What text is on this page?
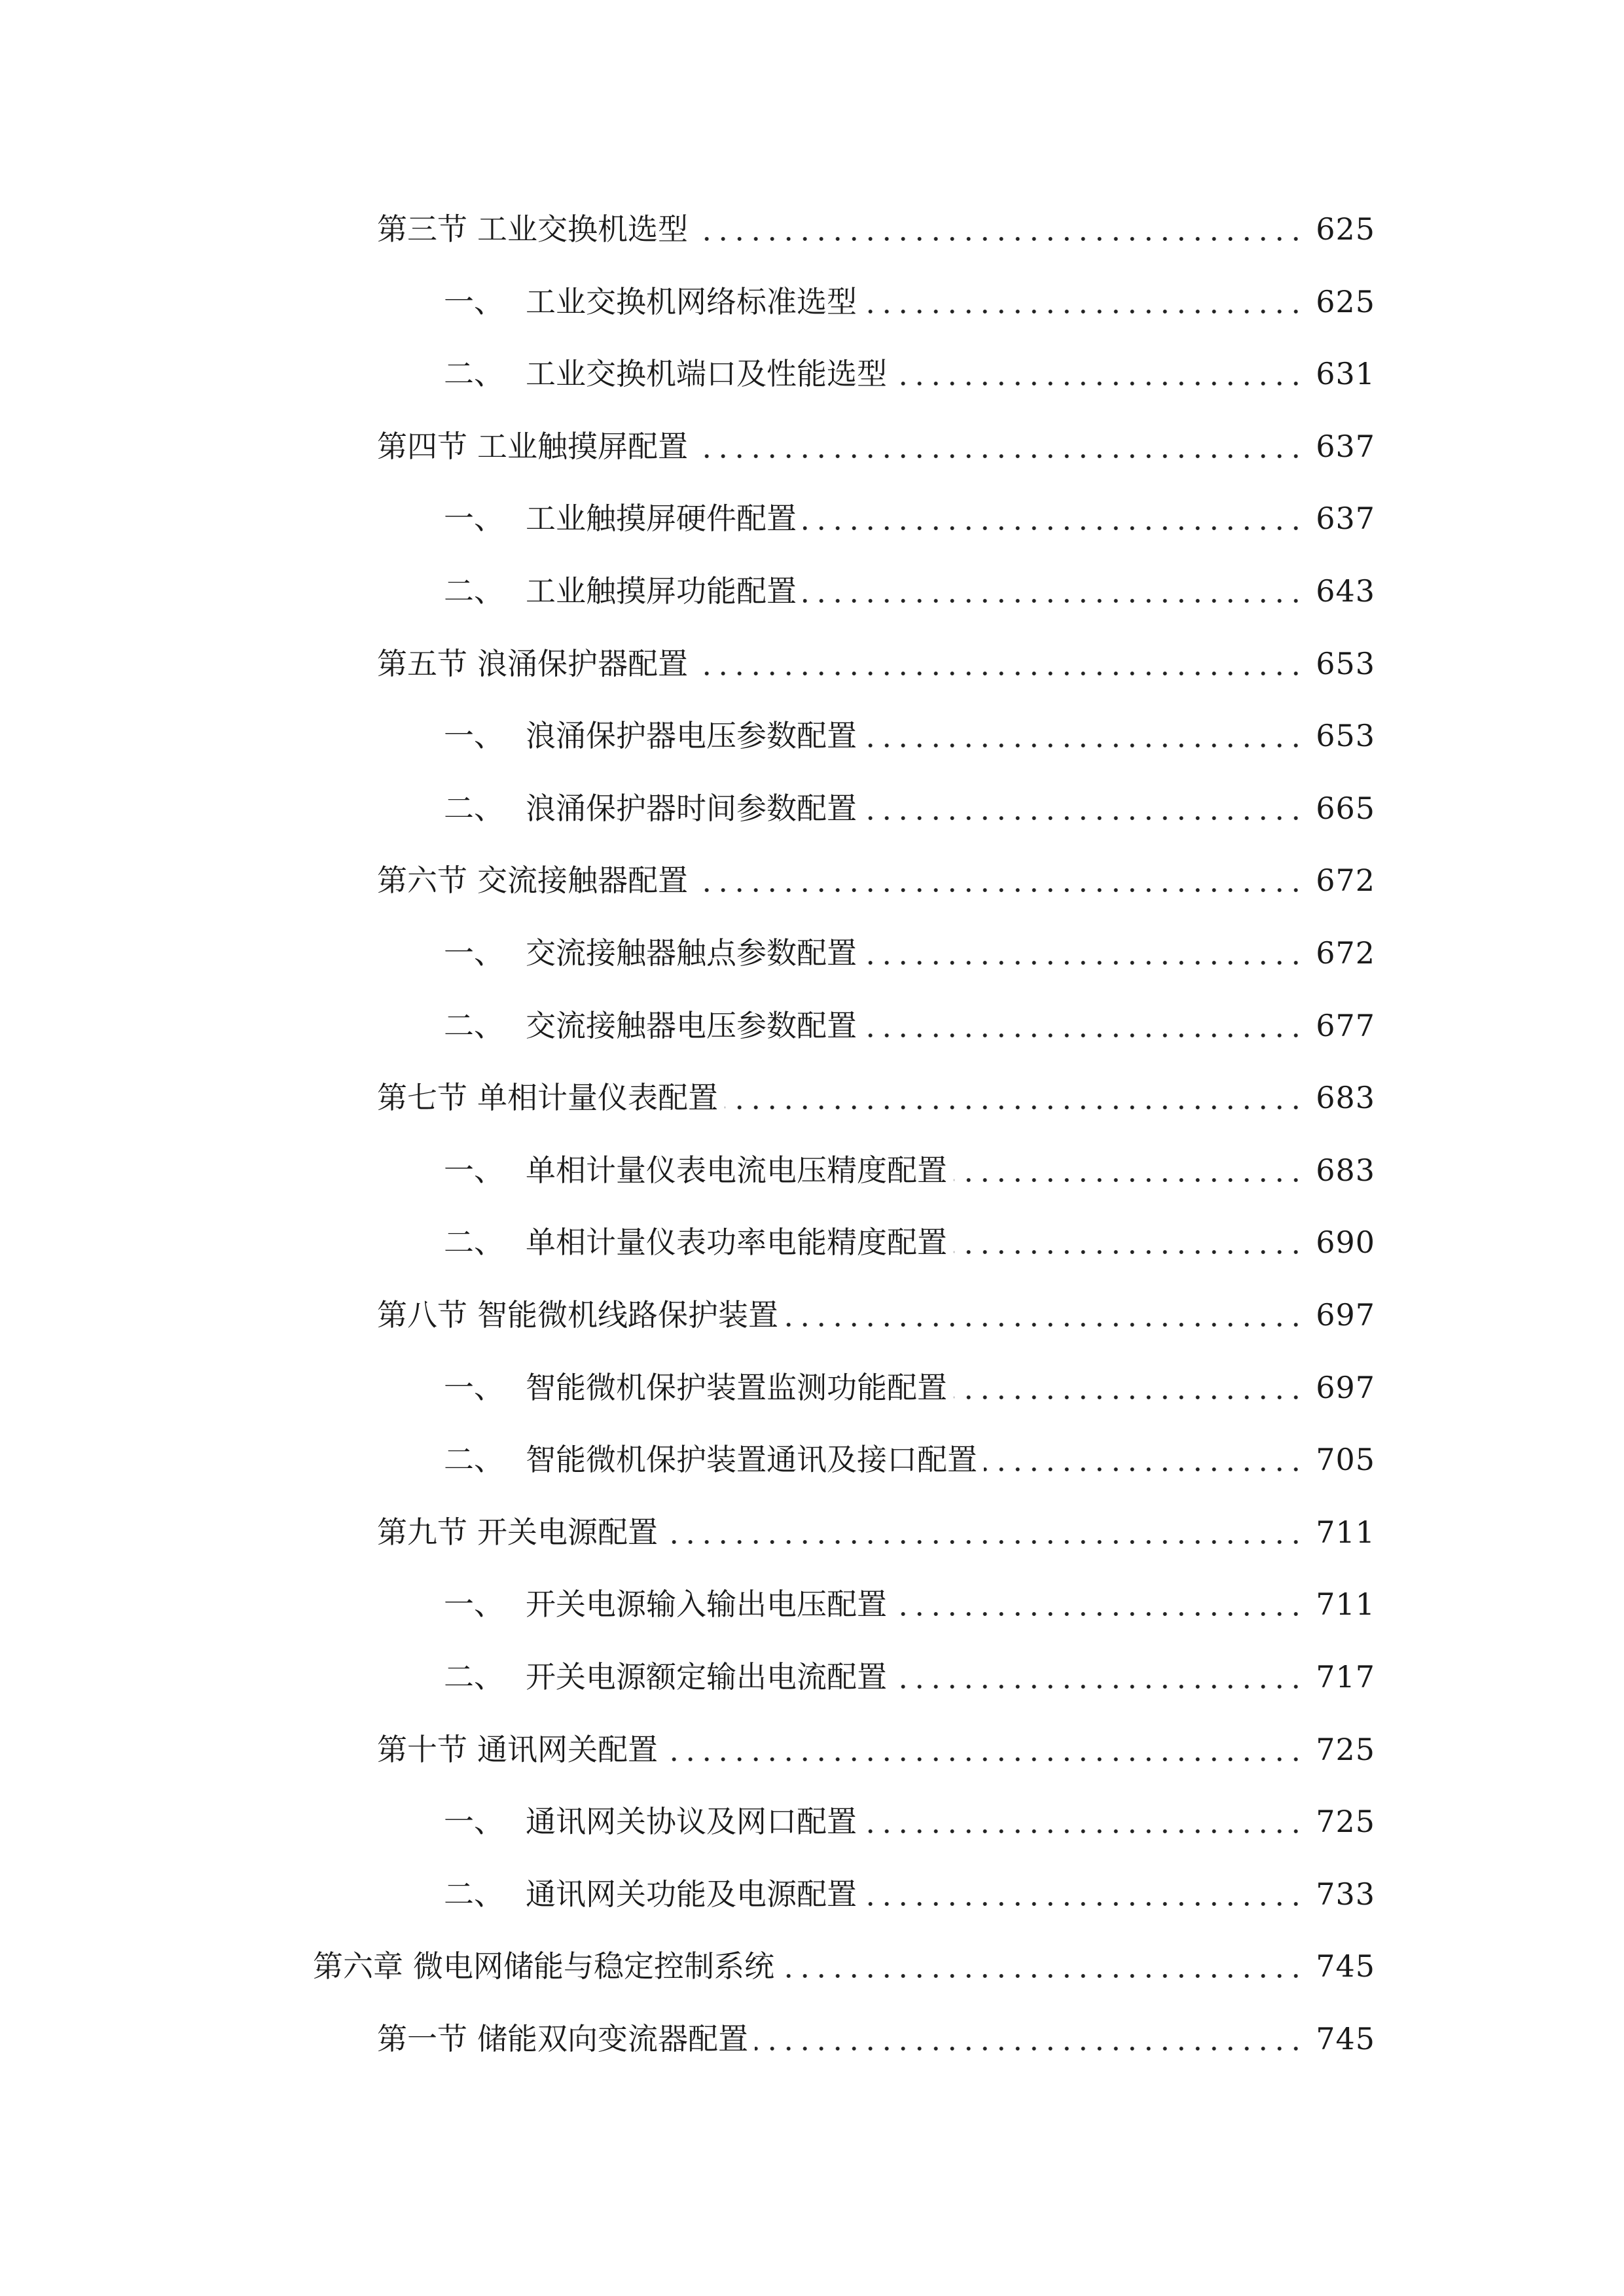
第三节 工业交换机选型	625
一、 工业交换机网络标准选型	625
二、 工业交换机端口及性能选型	631
第四节 工业触摸屏配置	637
一、 工业触摸屏硬件配置	637
二、 工业触摸屏功能配置	643
第五节 浪涌保护器配置	653
一、 浪涌保护器电压参数配置	653
二、 浪涌保护器时间参数配置	665
第六节 交流接触器配置	672
一、 交流接触器触点参数配置	672
二、 交流接触器电压参数配置	677
第七节 单相计量仪表配置	683
一、 单相计量仪表电流电压精度配置	683
二、 单相计量仪表功率电能精度配置	690
第八节 智能微机线路保护装置	697
一、 智能微机保护装置监测功能配置	697
二、 智能微机保护装置通讯及接口配置	705
第九节 开关电源配置	711
一、 开关电源输入输出电压配置	711
二、 开关电源额定输出电流配置	717
第十节 通讯网关配置	725
一、 通讯网关协议及网口配置	725
二、 通讯网关功能及电源配置	733
第六章 微电网储能与稳定控制系统	745
第一节 储能双向变流器配置	745
